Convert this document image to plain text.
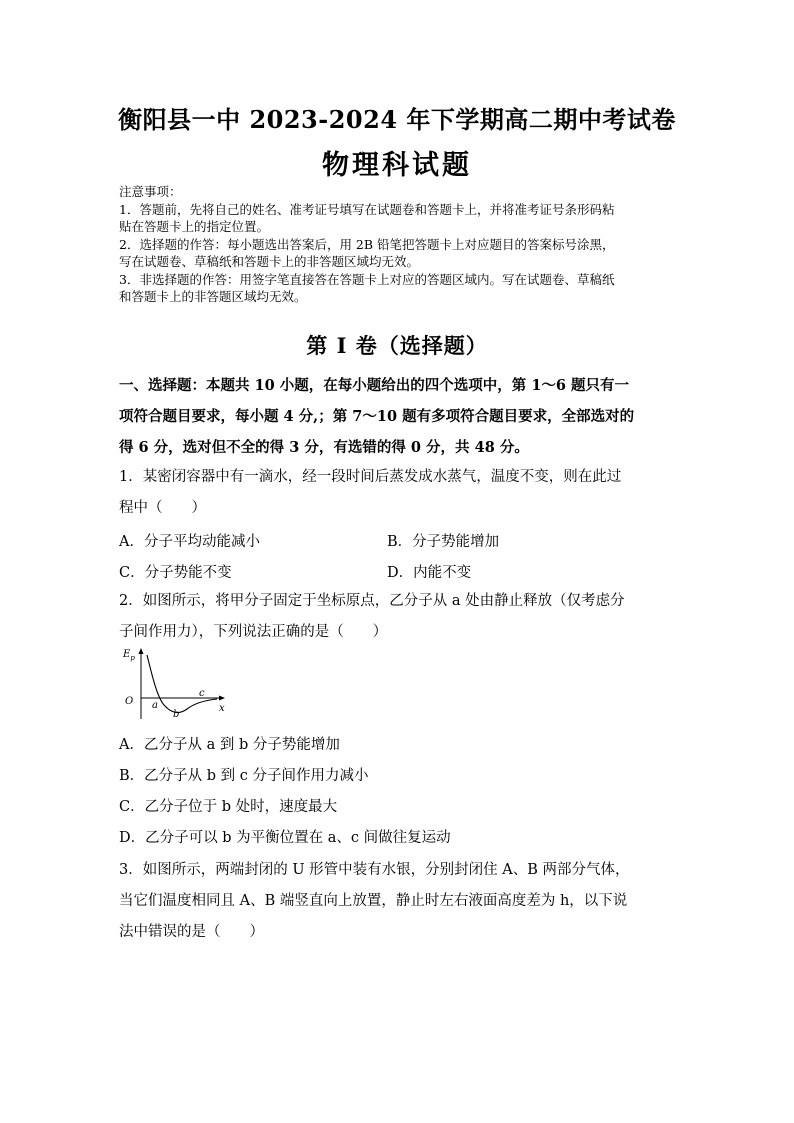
衡阳县一中 2023-2024 年下学期高二期中考试卷
物理科试题

注意事项：

1．答题前，先将自己的姓名、准考证号填写在试题卷和答题卡上，并将准考证号条形码粘

贴在答题卡上的指定位置。

2．选择题的作答：每小题选出答案后，用 2B 铅笔把答题卡上对应题目的答案标号涂黑，

写在试题卷、草稿纸和答题卡上的非答题区域均无效。

3．非选择题的作答：用签字笔直接答在答题卡上对应的答题区域内。写在试题卷、草稿纸

和答题卡上的非答题区域均无效。

第 I 卷（选择题）

一、选择题：本题共 10 小题，在每小题给出的四个选项中，第 1～6 题只有一

项符合题目要求，每小题 4 分,；第 7～10 题有多项符合题目要求，全部选对的

得 6 分，选对但不全的得 3 分，有选错的得 0 分，共 48 分。

1．某密闭容器中有一滴水，经一段时间后蒸发成水蒸气，温度不变，则在此过

程中（　　）

A．分子平均动能减小	B．分子势能增加
C．分子势能不变	D．内能不变

2．如图所示，将甲分子固定于坐标原点，乙分子从 a 处由静止释放（仅考虑分

子间作用力），下列说法正确的是（　　）

$E_p$
O
x
a
b
c

A．乙分子从 a 到 b 分子势能增加

B．乙分子从 b 到 c 分子间作用力减小

C．乙分子位于 b 处时，速度最大

D．乙分子可以 b 为平衡位置在 a、c 间做往复运动

3．如图所示，两端封闭的 U 形管中装有水银，分别封闭住 A、B 两部分气体，

当它们温度相同且 A、B 端竖直向上放置，静止时左右液面高度差为 h，以下说

法中错误的是（　　）
